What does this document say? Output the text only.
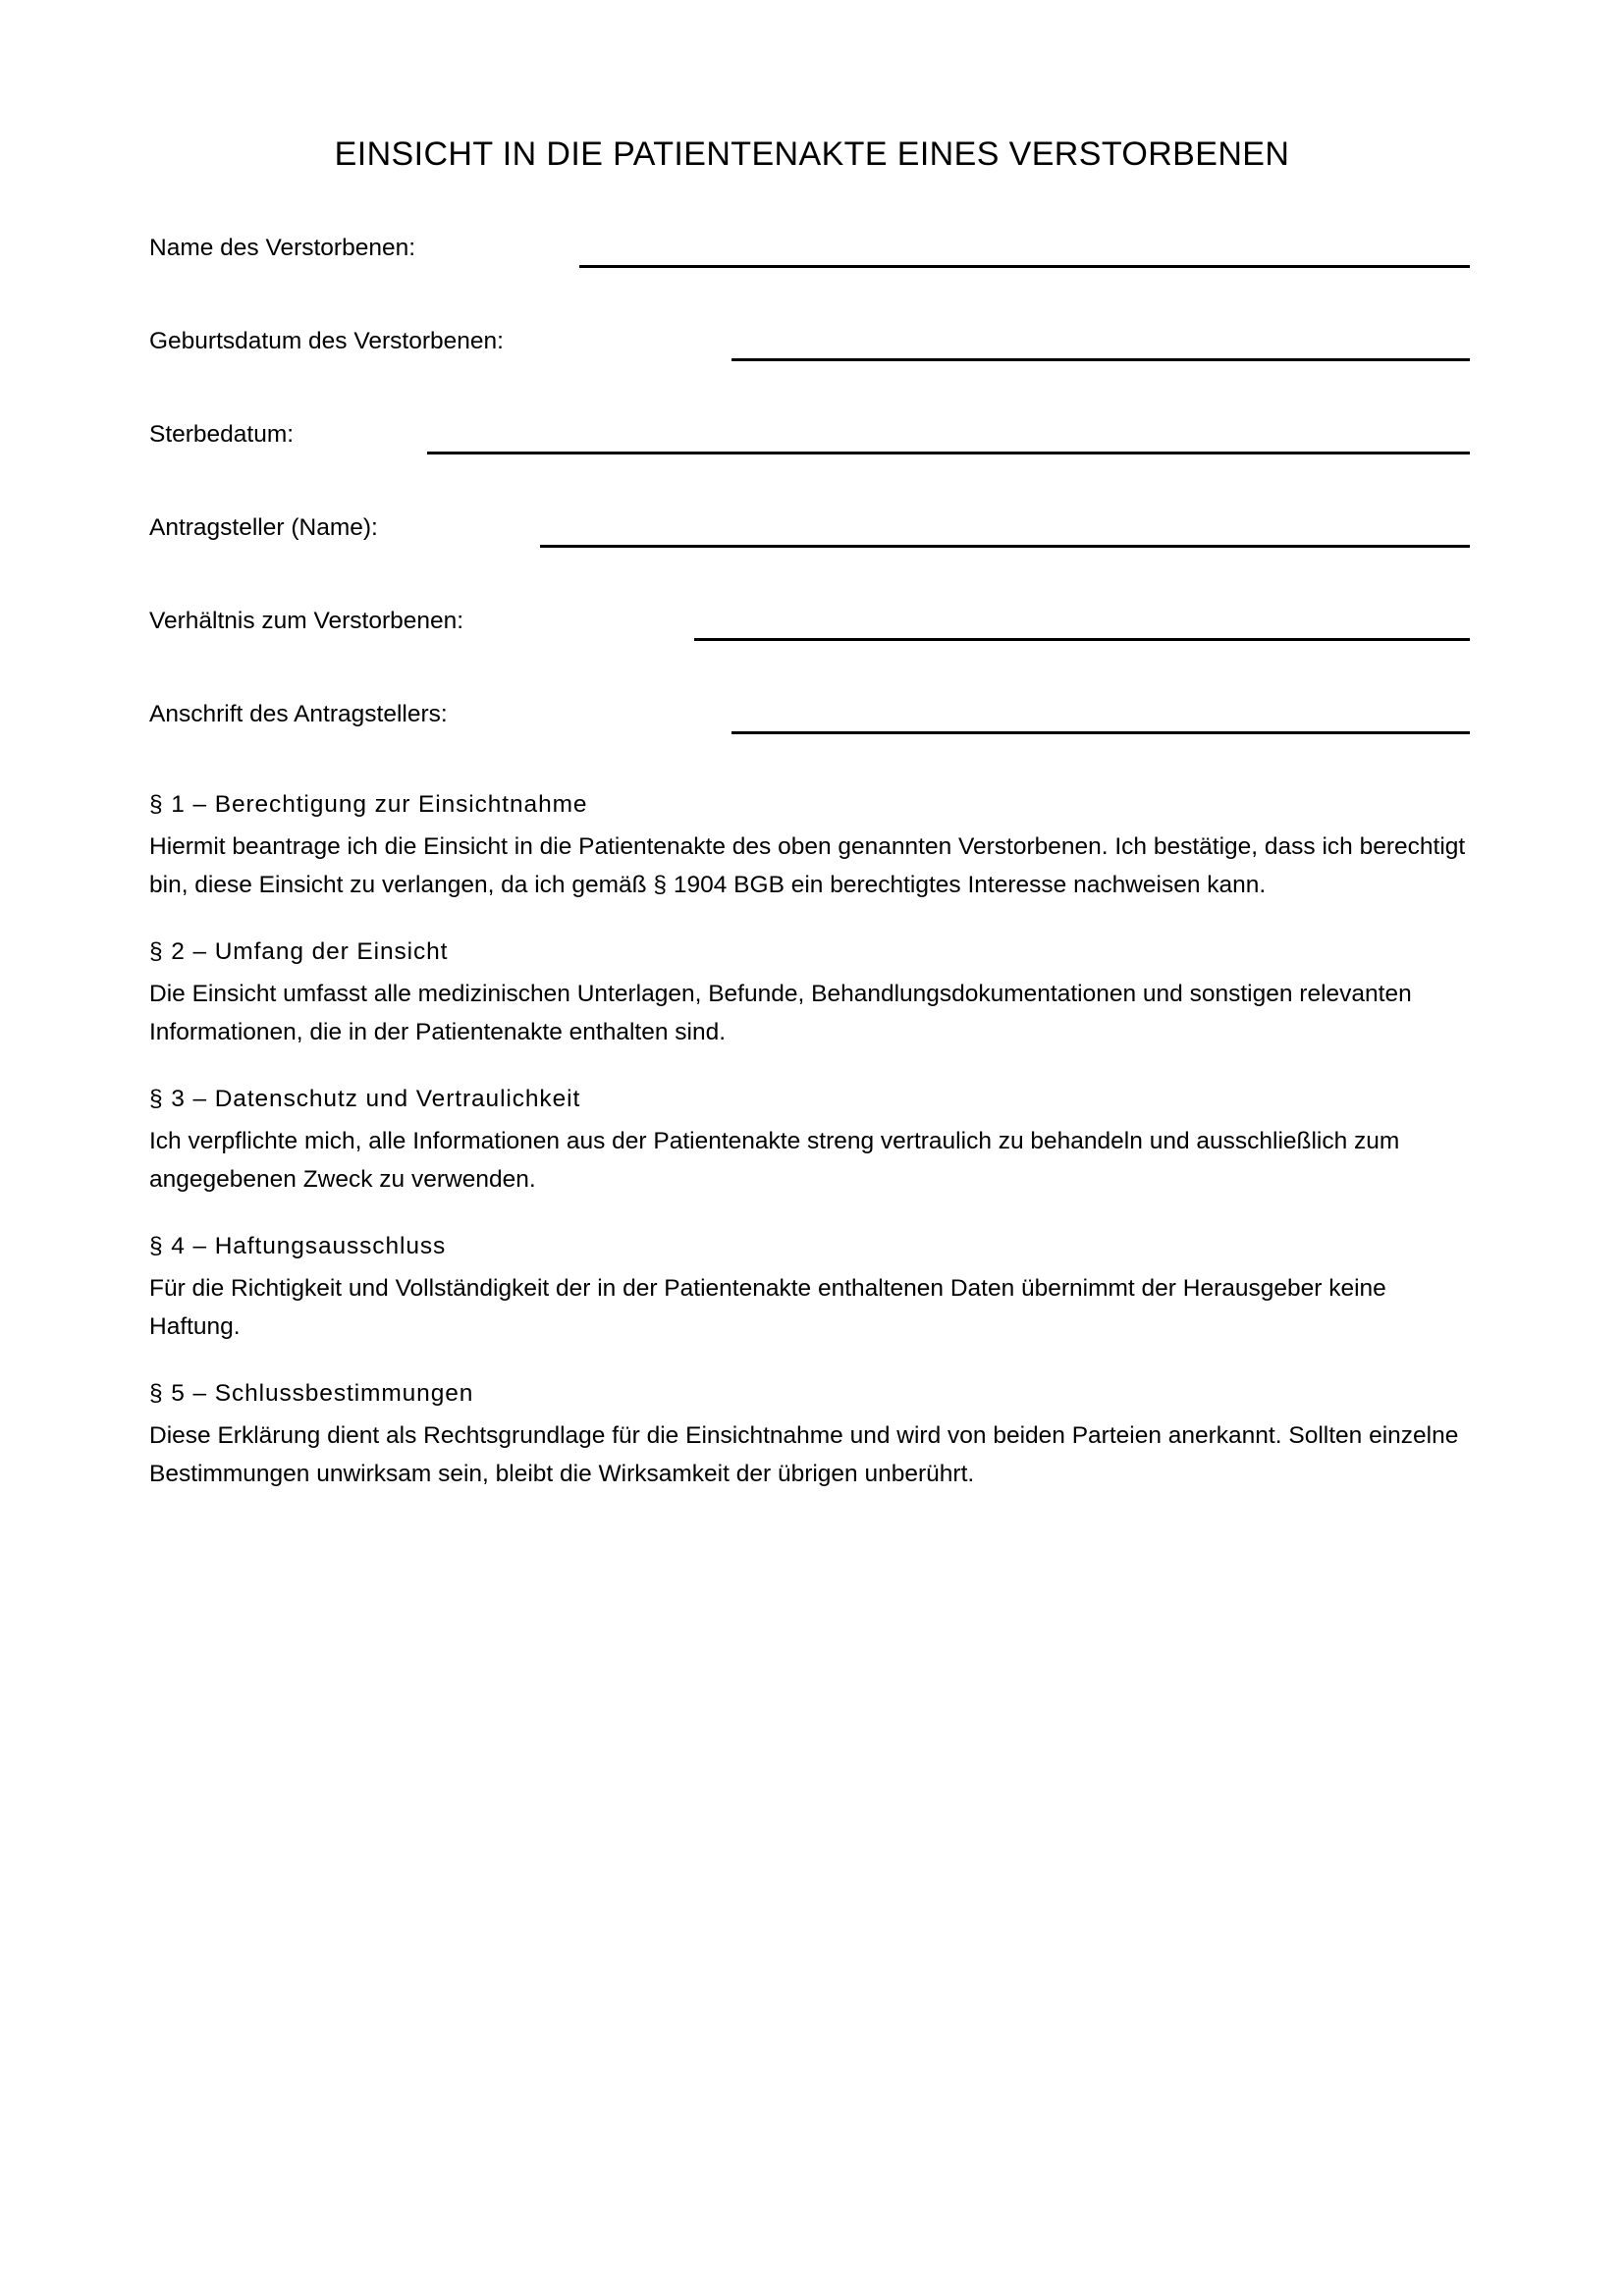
EINSICHT IN DIE PATIENTENAKTE EINES VERSTORBENEN
Name des Verstorbenen:
Geburtsdatum des Verstorbenen:
Sterbedatum:
Antragsteller (Name):
Verhältnis zum Verstorbenen:
Anschrift des Antragstellers:

§ 1 – Berechtigung zur Einsichtnahme

Hiermit beantrage ich die Einsicht in die Patientenakte des oben genannten Verstorbenen. Ich bestätige, dass ich berechtigt bin, diese Einsicht zu verlangen, da ich gemäß § 1904 BGB ein berechtigtes Interesse nachweisen kann.

§ 2 – Umfang der Einsicht

Die Einsicht umfasst alle medizinischen Unterlagen, Befunde, Behandlungsdokumentationen und sonstigen relevanten Informationen, die in der Patientenakte enthalten sind.

§ 3 – Datenschutz und Vertraulichkeit

Ich verpflichte mich, alle Informationen aus der Patientenakte streng vertraulich zu behandeln und ausschließlich zum angegebenen Zweck zu verwenden.

§ 4 – Haftungsausschluss

Für die Richtigkeit und Vollständigkeit der in der Patientenakte enthaltenen Daten übernimmt der Herausgeber keine Haftung.

§ 5 – Schlussbestimmungen

Diese Erklärung dient als Rechtsgrundlage für die Einsichtnahme und wird von beiden Parteien anerkannt. Sollten einzelne Bestimmungen unwirksam sein, bleibt die Wirksamkeit der übrigen unberührt.
